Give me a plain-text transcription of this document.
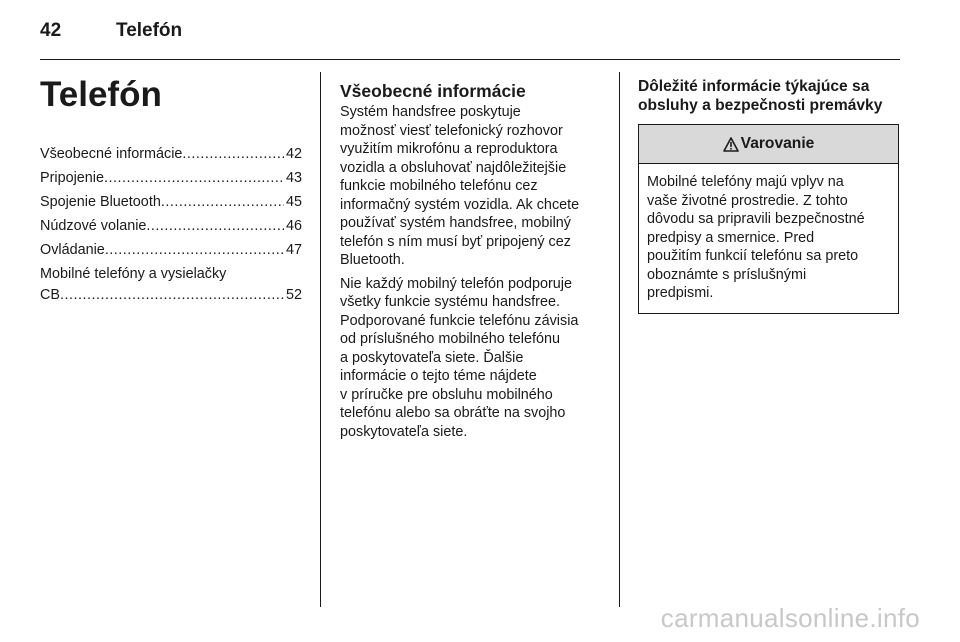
42	Telefón
Telefón
Všeobecné informácie .....	42
Pripojenie .....	43
Spojenie Bluetooth .....	45
Núdzové volanie .....	46
Ovládanie .....	47
Mobilné telefóny a vysielačky
CB .....	52
Všeobecné informácie
Systém handsfree poskytuje
možnosť viesť telefonický rozhovor
využitím mikrofónu a reproduktora
vozidla a obsluhovať najdôležitejšie
funkcie mobilného telefónu cez
informačný systém vozidla. Ak chcete
používať systém handsfree, mobilný
telefón s ním musí byť pripojený cez
Bluetooth.
Nie každý mobilný telefón podporuje
všetky funkcie systému handsfree.
Podporované funkcie telefónu závisia
od príslušného mobilného telefónu
a poskytovateľa siete. Ďalšie
informácie o tejto téme nájdete
v príručke pre obsluhu mobilného
telefónu alebo sa obráťte na svojho
poskytovateľa siete.
Dôležité informácie týkajúce sa
obsluhy a bezpečnosti premávky
Varovanie
Mobilné telefóny majú vplyv na
vaše životné prostredie. Z tohto
dôvodu sa pripravili bezpečnostné
predpisy a smernice. Pred
použitím funkcií telefónu sa preto
oboznámte s príslušnými
predpismi.
carmanualsonline.info
